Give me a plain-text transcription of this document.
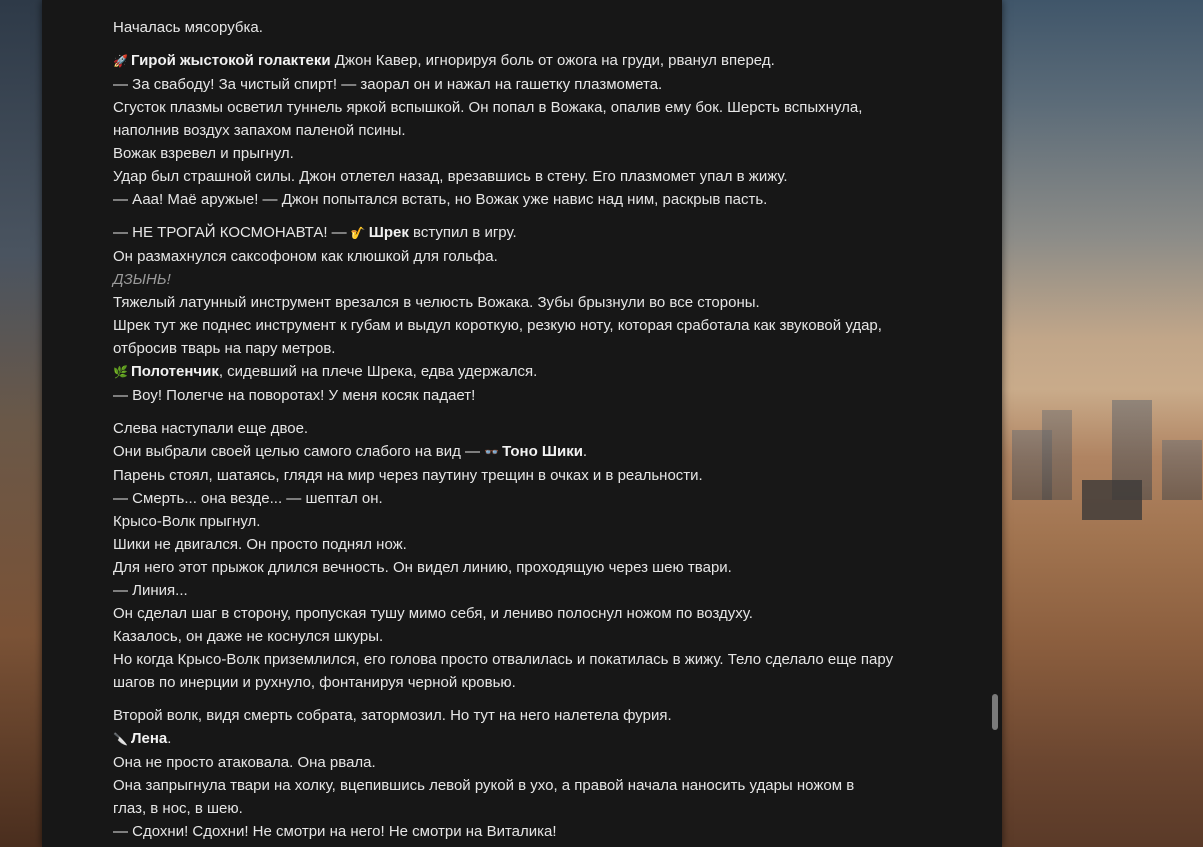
Началась мясорубка.
🚀 Гирой жыстокой голактеки Джон Кавер, игнорируя боль от ожога на груди, рванул вперед.
— За свабоду! За чистый спирт! — заорал он и нажал на гашетку плазмомета.
Сгусток плазмы осветил туннель яркой вспышкой. Он попал в Вожака, опалив ему бок. Шерсть вспыхнула,
наполнив воздух запахом паленой псины.
Вожак взревел и прыгнул.
Удар был страшной силы. Джон отлетел назад, врезавшись в стену. Его плазмомет упал в жижу.
— Ааа! Маё аружые! — Джон попытался встать, но Вожак уже навис над ним, раскрыв пасть.
— НЕ ТРОГАЙ КОСМОНАВТА! — 🎷 Шрек вступил в игру.
Он размахнулся саксофоном как клюшкой для гольфа.
ДЗЫНЬ!
Тяжелый латунный инструмент врезался в челюсть Вожака. Зубы брызнули во все стороны.
Шрек тут же поднес инструмент к губам и выдул короткую, резкую ноту, которая сработала как звуковой удар,
отбросив тварь на пару метров.
🌿 Полотенчик, сидевший на плече Шрека, едва удержался.
— Воу! Полегче на поворотах! У меня косяк падает!
Слева наступали еще двое.
Они выбрали своей целью самого слабого на вид — 👓 Тоно Шики.
Парень стоял, шатаясь, глядя на мир через паутину трещин в очках и в реальности.
— Смерть... она везде... — шептал он.
Крысо-Волк прыгнул.
Шики не двигался. Он просто поднял нож.
Для него этот прыжок длился вечность. Он видел линию, проходящую через шею твари.
— Линия...
Он сделал шаг в сторону, пропуская тушу мимо себя, и лениво полоснул ножом по воздуху.
Казалось, он даже не коснулся шкуры.
Но когда Крысо-Волк приземлился, его голова просто отвалилась и покатилась в жижу. Тело сделало еще пару
шагов по инерции и рухнуло, фонтанируя черной кровью.
Второй волк, видя смерть собрата, затормозил. Но тут на него налетела фурия.
🔪 Лена.
Она не просто атаковала. Она рвала.
Она запрыгнула твари на холку, вцепившись левой рукой в ухо, а правой начала наносить удары ножом в
глаз, в нос, в шею.
— Сдохни! Сдохни! Не смотри на него! Не смотри на Виталика!
